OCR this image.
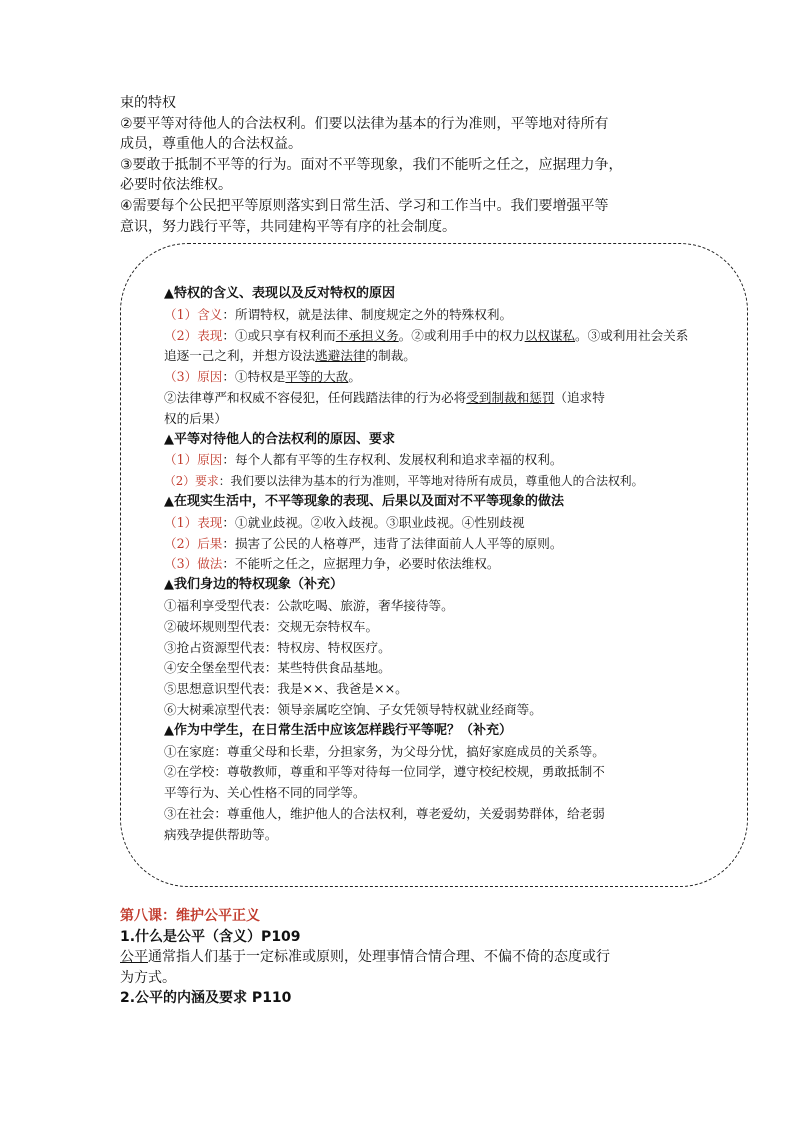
束的特权

②要平等对待他人的合法权利。们要以法律为基本的行为准则，平等地对待所有

成员，尊重他人的合法权益。

③要敢于抵制不平等的行为。面对不平等现象，我们不能听之任之，应据理力争，

必要时依法维权。

④需要每个公民把平等原则落实到日常生活、学习和工作当中。我们要增强平等

意识，努力践行平等，共同建构平等有序的社会制度。

▲特权的含义、表现以及反对特权的原因

（1）含义：所谓特权，就是法律、制度规定之外的特殊权利。

（2）表现：①或只享有权利而不承担义务。②或利用手中的权力以权谋私。③或利用社会关系

追逐一己之利，并想方设法逃避法律的制裁。

（3）原因：①特权是平等的大敌。

②法律尊严和权威不容侵犯，任何践踏法律的行为必将受到制裁和惩罚（追求特

权的后果）

▲平等对待他人的合法权利的原因、要求

（1）原因：每个人都有平等的生存权利、发展权利和追求幸福的权利。

（2）要求：我们要以法律为基本的行为准则，平等地对待所有成员，尊重他人的合法权利。

▲在现实生活中，不平等现象的表现、后果以及面对不平等现象的做法

（1）表现：①就业歧视。②收入歧视。③职业歧视。④性别歧视

（2）后果：损害了公民的人格尊严，违背了法律面前人人平等的原则。

（3）做法：不能听之任之，应据理力争，必要时依法维权。

▲我们身边的特权现象（补充）

①福利享受型代表：公款吃喝、旅游，奢华接待等。

②破坏规则型代表：交规无奈特权车。

③抢占资源型代表：特权房、特权医疗。

④安全堡垒型代表：某些特供食品基地。

⑤思想意识型代表：我是××、我爸是××。

⑥大树乘凉型代表：领导亲属吃空饷、子女凭领导特权就业经商等。

▲作为中学生，在日常生活中应该怎样践行平等呢？（补充）

①在家庭：尊重父母和长辈，分担家务，为父母分忧，搞好家庭成员的关系等。

②在学校：尊敬教师，尊重和平等对待每一位同学，遵守校纪校规，勇敢抵制不

平等行为、关心性格不同的同学等。

③在社会：尊重他人，维护他人的合法权利，尊老爱幼，关爱弱势群体，给老弱

病残孕提供帮助等。

第八课：维护公平正义

1.什么是公平（含义）P109

公平通常指人们基于一定标准或原则，处理事情合情合理、不偏不倚的态度或行

为方式。

2.公平的内涵及要求 P110
